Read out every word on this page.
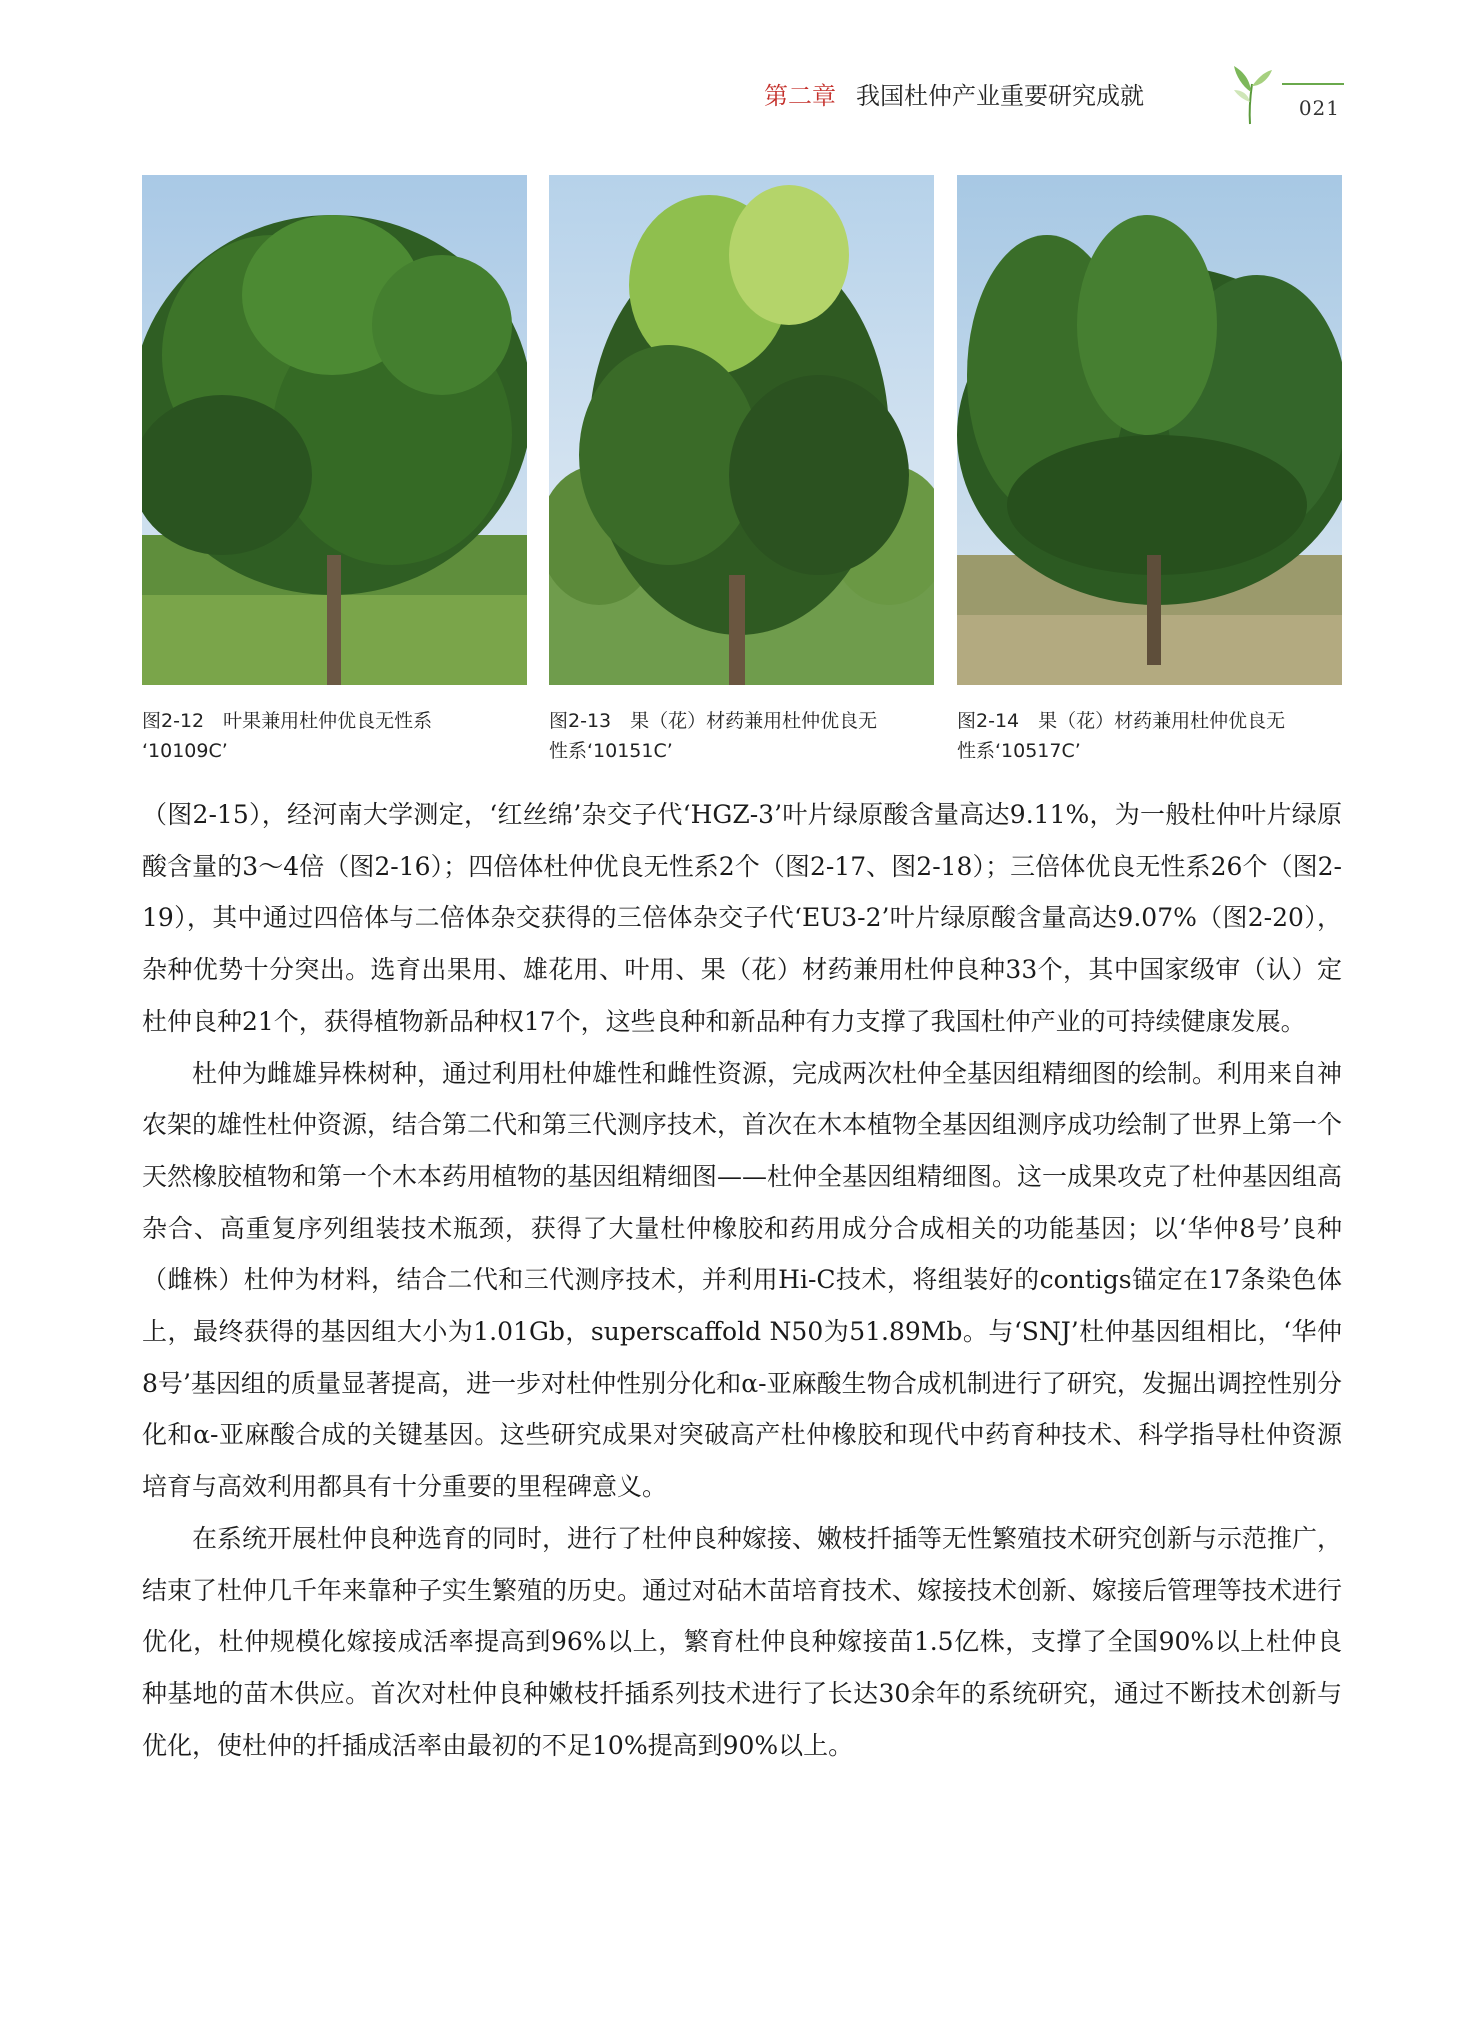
第二章 我国杜仲产业重要研究成就	021
图2-12　叶果兼用杜仲优良无性系
‘10109C’
图2-13　果（花）材药兼用杜仲优良无
性系‘10151C’
图2-14　果（花）材药兼用杜仲优良无
性系‘10517C’

（图2-15），经河南大学测定，‘红丝绵’杂交子代‘HGZ-3’叶片绿原酸含量高达9.11%，为一般杜仲叶片绿原酸含量的3～4倍（图2-16）；四倍体杜仲优良无性系2个（图2-17、图2-18）；三倍体优良无性系26个（图2-19），其中通过四倍体与二倍体杂交获得的三倍体杂交子代‘EU3-2’叶片绿原酸含量高达9.07%（图2-20），杂种优势十分突出。选育出果用、雄花用、叶用、果（花）材药兼用杜仲良种33个，其中国家级审（认）定杜仲良种21个，获得植物新品种权17个，这些良种和新品种有力支撑了我国杜仲产业的可持续健康发展。

杜仲为雌雄异株树种，通过利用杜仲雄性和雌性资源，完成两次杜仲全基因组精细图的绘制。利用来自神农架的雄性杜仲资源，结合第二代和第三代测序技术，首次在木本植物全基因组测序成功绘制了世界上第一个天然橡胶植物和第一个木本药用植物的基因组精细图——杜仲全基因组精细图。这一成果攻克了杜仲基因组高杂合、高重复序列组装技术瓶颈，获得了大量杜仲橡胶和药用成分合成相关的功能基因；以‘华仲8号’良种（雌株）杜仲为材料，结合二代和三代测序技术，并利用Hi-C技术，将组装好的contigs锚定在17条染色体上，最终获得的基因组大小为1.01Gb，superscaffold N50为51.89Mb。与‘SNJ’杜仲基因组相比，‘华仲8号’基因组的质量显著提高，进一步对杜仲性别分化和α-亚麻酸生物合成机制进行了研究，发掘出调控性别分化和α-亚麻酸合成的关键基因。这些研究成果对突破高产杜仲橡胶和现代中药育种技术、科学指导杜仲资源培育与高效利用都具有十分重要的里程碑意义。

在系统开展杜仲良种选育的同时，进行了杜仲良种嫁接、嫩枝扦插等无性繁殖技术研究创新与示范推广，结束了杜仲几千年来靠种子实生繁殖的历史。通过对砧木苗培育技术、嫁接技术创新、嫁接后管理等技术进行优化，杜仲规模化嫁接成活率提高到96%以上，繁育杜仲良种嫁接苗1.5亿株，支撑了全国90%以上杜仲良种基地的苗木供应。首次对杜仲良种嫩枝扦插系列技术进行了长达30余年的系统研究，通过不断技术创新与优化，使杜仲的扦插成活率由最初的不足10%提高到90%以上。
